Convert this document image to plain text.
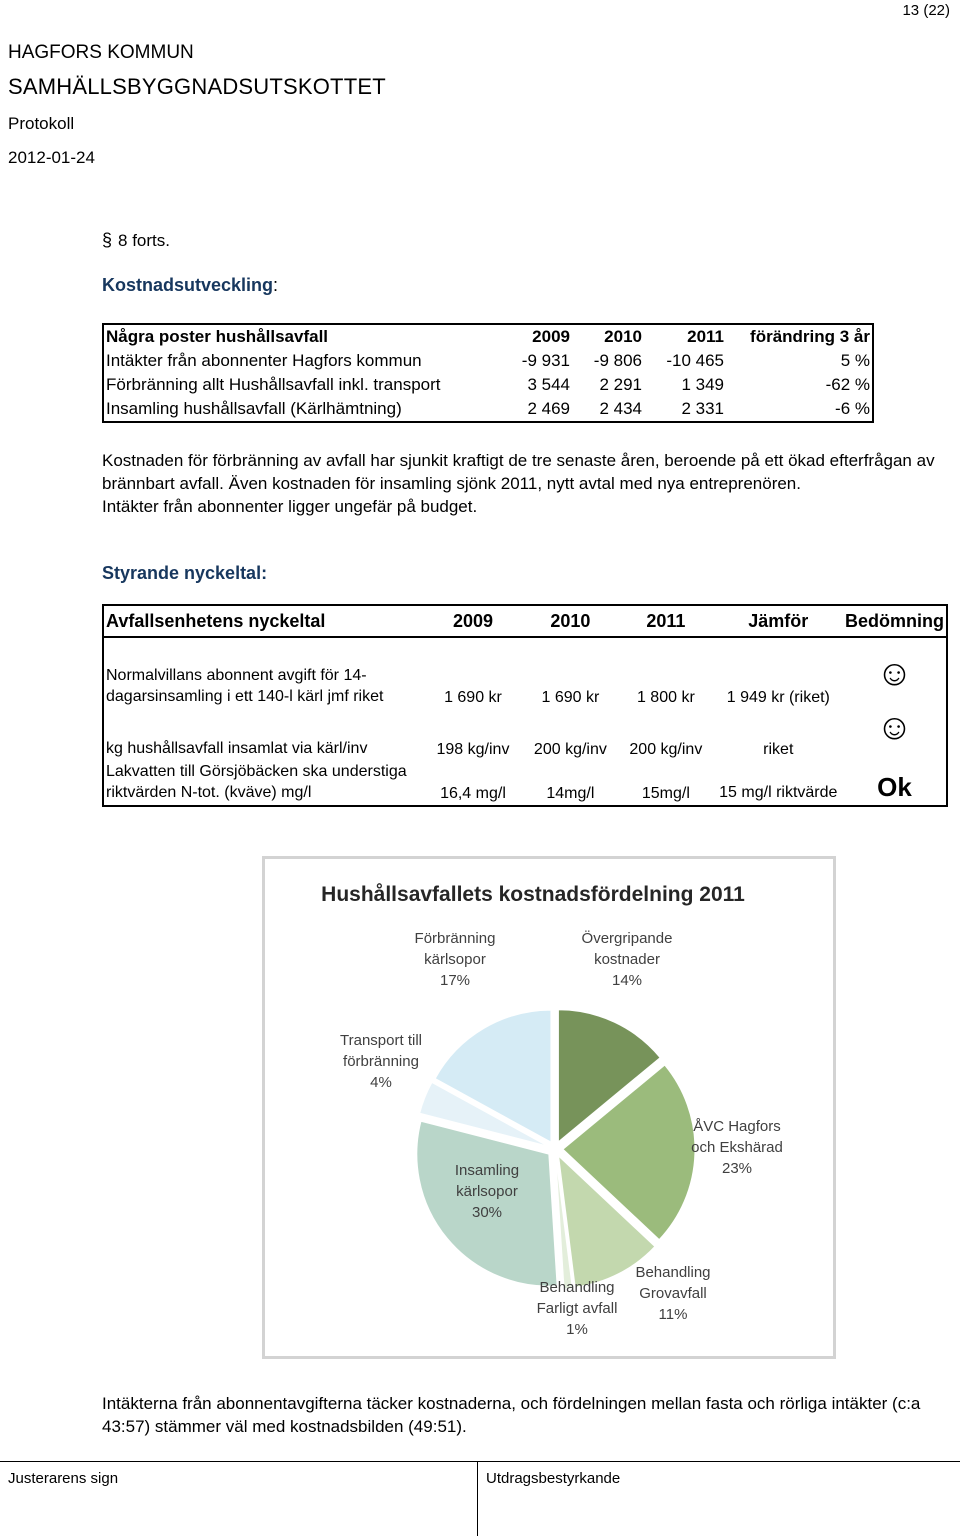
13 (22)
HAGFORS KOMMUN
SAMHÄLLSBYGGNADSUTSKOTTET
Protokoll
2012-01-24
§ 8 forts.
Kostnadsutveckling:
Några poster hushållsavfall	2009	2010	2011	förändring 3 år
Intäkter från abonnenter Hagfors kommun	-9 931	-9 806	-10 465	5 %
Förbränning allt Hushållsavfall inkl. transport	3 544	2 291	1 349	-62 %
Insamling hushållsavfall (Kärlhämtning)	2 469	2 434	2 331	-6 %

Kostnaden för förbränning av avfall har sjunkit kraftigt de tre senaste åren, beroende på ett ökad efterfrågan av brännbart avfall. Även kostnaden för insamling sjönk 2011, nytt avtal med nya entreprenören.

Intäkter från abonnenter ligger ungefär på budget.

Styrande nyckeltal:
Avfallsenhetens nyckeltal	2009	2010	2011	Jämför	Bedömning
Normalvillans abonnent avgift för 14-dagarsinsamling i ett 140-l kärl jmf riket	1 690 kr	1 690 kr	1 800 kr	1 949 kr (riket)	☺
kg hushållsavfall insamlat via kärl/inv	198 kg/inv	200 kg/inv	200 kg/inv	riket	☺
Lakvatten till Görsjöbäcken ska understiga riktvärden N-tot. (kväve) mg/l	16,4 mg/l	14mg/l	15mg/l	15 mg/l riktvärde	Ok
Hushållsavfallets kostnadsfördelning 2011
Övergripande kostnader 14%
ÅVC Hagfors och Ekshärad 23%
Behandling Grovavfall 11%
Behandling Farligt avfall 1%
Insamling kärlsopor 30%
Transport till förbränning 4%
Förbränning kärlsopor 17%
Intäkterna från abonnentavgifterna täcker kostnaderna, och fördelningen mellan fasta och rörliga intäkter (c:a 43:57) stämmer väl med kostnadsbilden (49:51).
Justerarens sign	Utdragsbestyrkande
